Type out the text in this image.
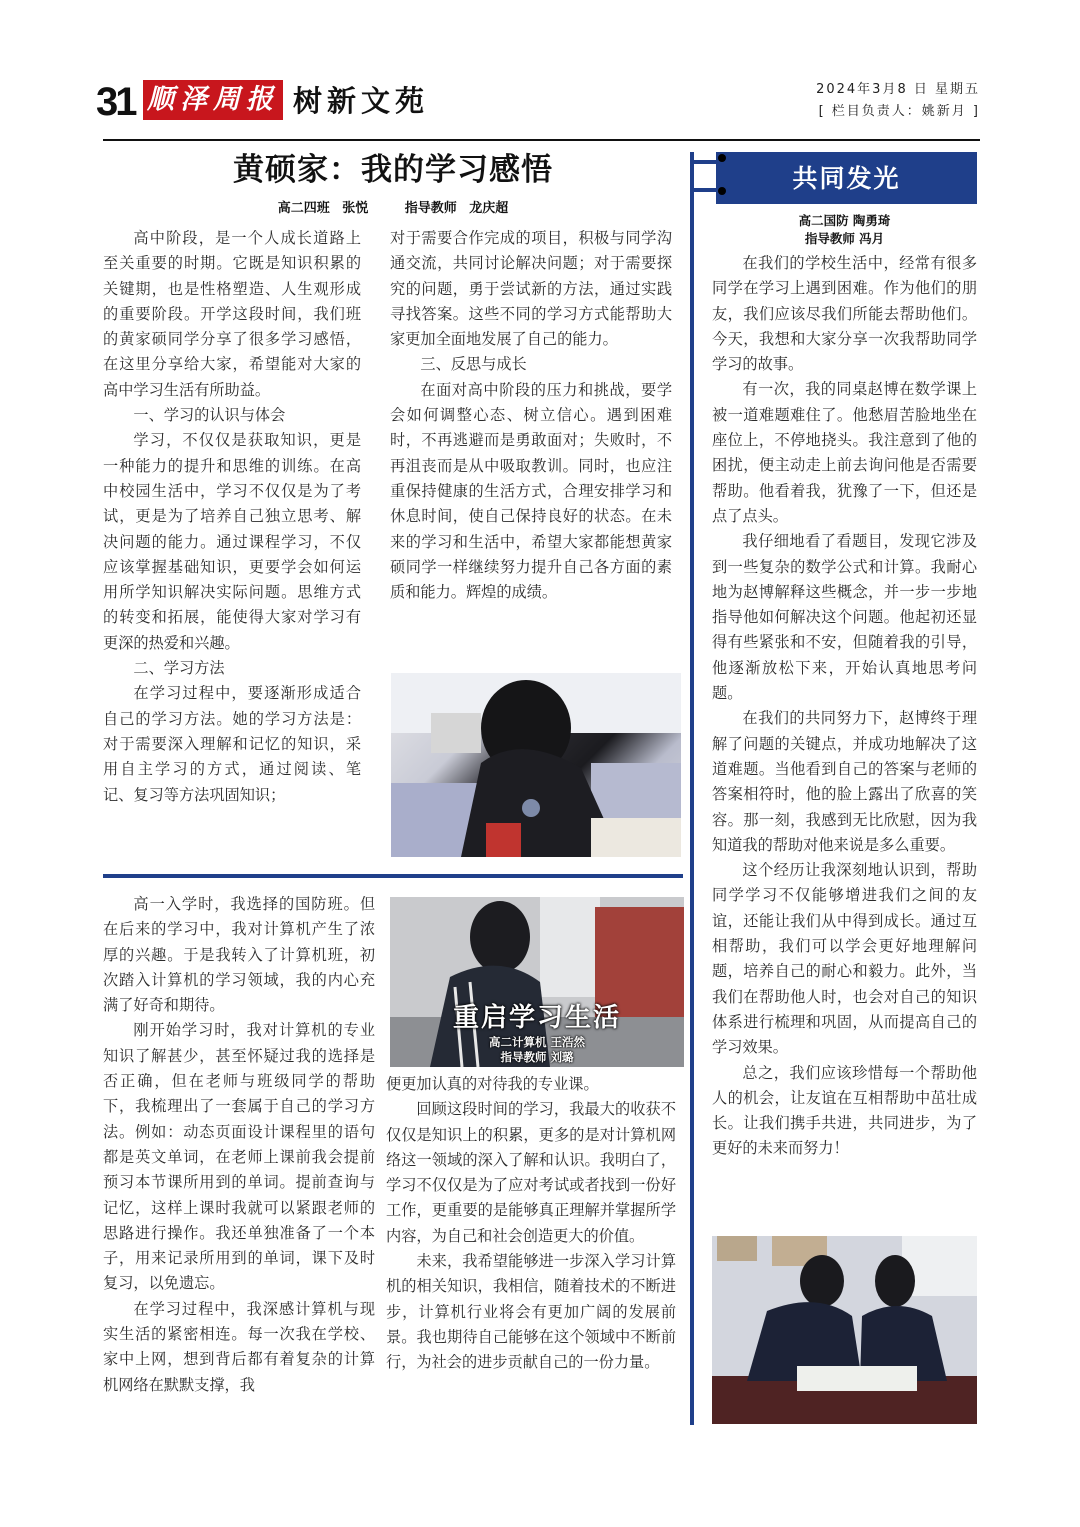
31 顺泽周报 树新文苑	2024年3月8 日 星期五
[ 栏目负责人：姚新月 ]
黄硕家：我的学习感悟
高二四班 张悦	指导教师 龙庆超

高中阶段，是一个人成长道路上至关重要的时期。它既是知识积累的关键期，也是性格塑造、人生观形成的重要阶段。开学这段时间，我们班的黄家硕同学分享了很多学习感悟，在这里分享给大家，希望能对大家的高中学习生活有所助益。

一、学习的认识与体会

学习，不仅仅是获取知识，更是一种能力的提升和思维的训练。在高中校园生活中，学习不仅仅是为了考试，更是为了培养自己独立思考、解决问题的能力。通过课程学习，不仅应该掌握基础知识，更要学会如何运用所学知识解决实际问题。思维方式的转变和拓展，能使得大家对学习有更深的热爱和兴趣。

二、学习方法

在学习过程中，要逐渐形成适合自己的学习方法。她的学习方法是：对于需要深入理解和记忆的知识，采用自主学习的方式，通过阅读、笔记、复习等方法巩固知识；

对于需要合作完成的项目，积极与同学沟通交流，共同讨论解决问题；对于需要探究的问题，勇于尝试新的方法，通过实践寻找答案。这些不同的学习方式能帮助大家更加全面地发展了自己的能力。

三、反思与成长

在面对高中阶段的压力和挑战，要学会如何调整心态、树立信心。遇到困难时，不再逃避而是勇敢面对；失败时，不再沮丧而是从中吸取教训。同时，也应注重保持健康的生活方式，合理安排学习和休息时间，使自己保持良好的状态。在未来的学习和生活中，希望大家都能想黄家硕同学一样继续努力提升自己各方面的素质和能力。辉煌的成绩。

高一入学时，我选择的国防班。但在后来的学习中，我对计算机产生了浓厚的兴趣。于是我转入了计算机班，初次踏入计算机的学习领域，我的内心充满了好奇和期待。

刚开始学习时，我对计算机的专业知识了解甚少，甚至怀疑过我的选择是否正确，但在老师与班级同学的帮助下，我梳理出了一套属于自己的学习方法。例如：动态页面设计课程里的语句都是英文单词，在老师上课前我会提前预习本节课所用到的单词。提前查询与记忆，这样上课时我就可以紧跟老师的思路进行操作。我还单独准备了一个本子，用来记录所用到的单词，课下及时复习，以免遗忘。

在学习过程中，我深感计算机与现实生活的紧密相连。每一次我在学校、家中上网，想到背后都有着复杂的计算机网络在默默支撑，我

重启学习生活
高二计算机 王浩然
指导教师 刘璐

便更加认真的对待我的专业课。

回顾这段时间的学习，我最大的收获不仅仅是知识上的积累，更多的是对计算机网络这一领域的深入了解和认识。我明白了，学习不仅仅是为了应对考试或者找到一份好工作，更重要的是能够真正理解并掌握所学内容，为自己和社会创造更大的价值。

未来，我希望能够进一步深入学习计算机的相关知识，我相信，随着技术的不断进步，计算机行业将会有更加广阔的发展前景。我也期待自己能够在这个领域中不断前行，为社会的进步贡献自己的一份力量。

共同发光
高二国防 陶勇琦
指导教师 冯月

在我们的学校生活中，经常有很多同学在学习上遇到困难。作为他们的朋友，我们应该尽我们所能去帮助他们。今天，我想和大家分享一次我帮助同学学习的故事。

有一次，我的同桌赵博在数学课上被一道难题难住了。他愁眉苦脸地坐在座位上，不停地挠头。我注意到了他的困扰，便主动走上前去询问他是否需要帮助。他看着我，犹豫了一下，但还是点了点头。

我仔细地看了看题目，发现它涉及到一些复杂的数学公式和计算。我耐心地为赵博解释这些概念，并一步一步地指导他如何解决这个问题。他起初还显得有些紧张和不安，但随着我的引导，他逐渐放松下来，开始认真地思考问题。

在我们的共同努力下，赵博终于理解了问题的关键点，并成功地解决了这道难题。当他看到自己的答案与老师的答案相符时，他的脸上露出了欣喜的笑容。那一刻，我感到无比欣慰，因为我知道我的帮助对他来说是多么重要。

这个经历让我深刻地认识到，帮助同学学习不仅能够增进我们之间的友谊，还能让我们从中得到成长。通过互相帮助，我们可以学会更好地理解问题，培养自己的耐心和毅力。此外，当我们在帮助他人时，也会对自己的知识体系进行梳理和巩固，从而提高自己的学习效果。

总之，我们应该珍惜每一个帮助他人的机会，让友谊在互相帮助中茁壮成长。让我们携手共进，共同进步，为了更好的未来而努力！
